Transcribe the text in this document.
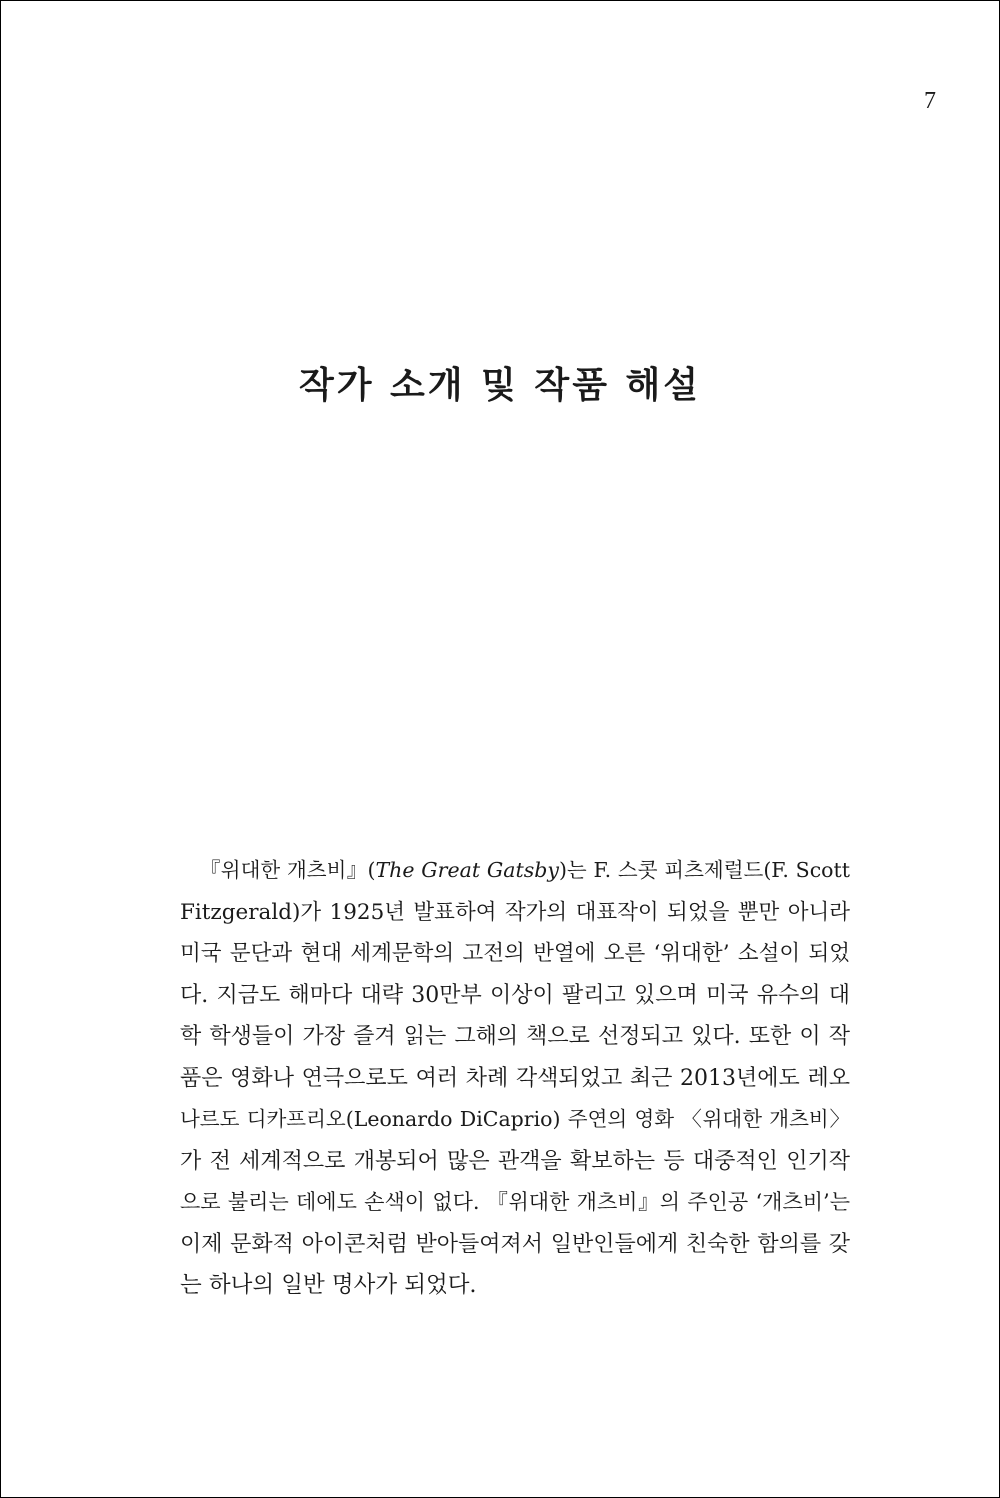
7
작가 소개 및 작품 해설
『위대한 개츠비』(The Great Gatsby)는 F. 스콧 피츠제럴드(F. Scott
Fitzgerald)가 1925년 발표하여 작가의 대표작이 되었을 뿐만 아니라
미국 문단과 현대 세계문학의 고전의 반열에 오른 ‘위대한’ 소설이 되었
다. 지금도 해마다 대략 30만부 이상이 팔리고 있으며 미국 유수의 대
학 학생들이 가장 즐겨 읽는 그해의 책으로 선정되고 있다. 또한 이 작
품은 영화나 연극으로도 여러 차례 각색되었고 최근 2013년에도 레오
나르도 디카프리오(Leonardo DiCaprio) 주연의 영화 〈위대한 개츠비〉
가 전 세계적으로 개봉되어 많은 관객을 확보하는 등 대중적인 인기작
으로 불리는 데에도 손색이 없다. 『위대한 개츠비』의 주인공 ‘개츠비’는
이제 문화적 아이콘처럼 받아들여져서 일반인들에게 친숙한 함의를 갖
는 하나의 일반 명사가 되었다.
